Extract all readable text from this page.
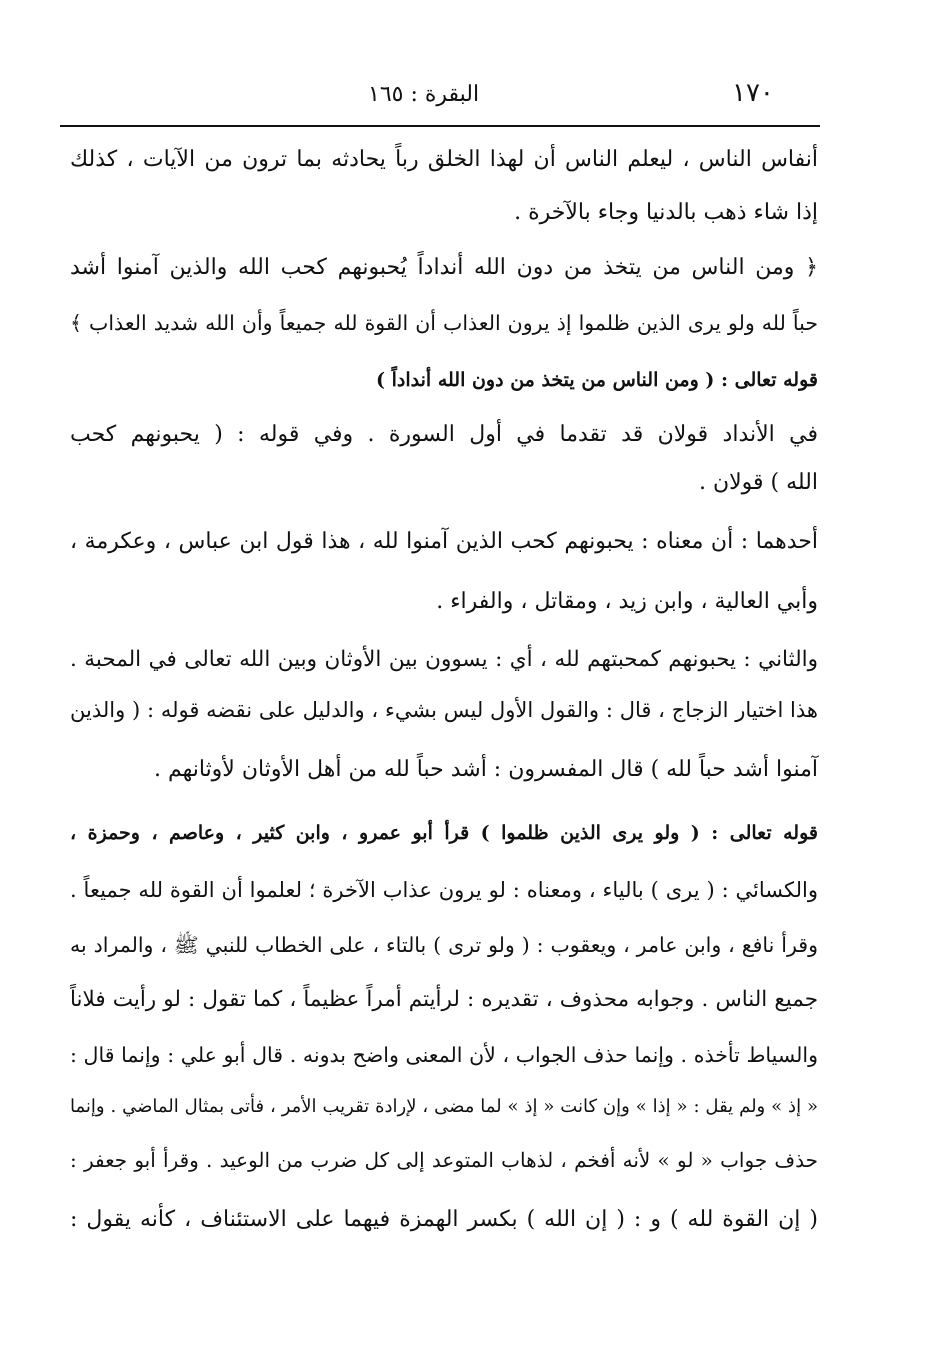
١٧٠
البقرة : ١٦٥
أنفاس الناس ، ليعلم الناس أن لهذا الخلق رباً يحادثه بما ترون من الآيات ، كذلك
إذا شاء ذهب بالدنيا وجاء بالآخرة .
﴿ ومن الناس من يتخذ من دون الله أنداداً يُحبونهم كحب الله والذين آمنوا أشد
حباً لله ولو يرى الذين ظلموا إذ يرون العذاب أن القوة لله جميعاً وأن الله شديد العذاب ﴾
قوله تعالى : ( ومن الناس من يتخذ من دون الله أنداداً )
في الأنداد قولان قد تقدما في أول السورة . وفي قوله : ( يحبونهم كحب
الله ) قولان .
أحدهما : أن معناه : يحبونهم كحب الذين آمنوا لله ، هذا قول ابن عباس ، وعكرمة ،
وأبي العالية ، وابن زيد ، ومقاتل ، والفراء .
والثاني : يحبونهم كمحبتهم لله ، أي : يسوون بين الأوثان وبين الله تعالى في المحبة .
هذا اختيار الزجاج ، قال : والقول الأول ليس بشيء ، والدليل على نقضه قوله : ( والذين
آمنوا أشد حباً لله ) قال المفسرون : أشد حباً لله من أهل الأوثان لأوثانهم .
قوله تعالى : ( ولو يرى الذين ظلموا ) قرأ أبو عمرو ، وابن كثير ، وعاصم ، وحمزة ،
والكسائي : ( يرى ) بالياء ، ومعناه : لو يرون عذاب الآخرة ؛ لعلموا أن القوة لله جميعاً .
وقرأ نافع ، وابن عامر ، ويعقوب : ( ولو ترى ) بالتاء ، على الخطاب للنبي ﷺ ، والمراد به
جميع الناس . وجوابه محذوف ، تقديره : لرأيتم أمراً عظيماً ، كما تقول : لو رأيت فلاناً
والسياط تأخذه . وإنما حذف الجواب ، لأن المعنى واضح بدونه . قال أبو علي : وإنما قال :
« إذ » ولم يقل : « إذا » وإن كانت « إذ » لما مضى ، لإرادة تقريب الأمر ، فأتى بمثال الماضي . وإنما
حذف جواب « لو » لأنه أفخم ، لذهاب المتوعد إلى كل ضرب من الوعيد . وقرأ أبو جعفر :
( إن القوة لله ) و : ( إن الله ) بكسر الهمزة فيهما على الاستئناف ، كأنه يقول :
